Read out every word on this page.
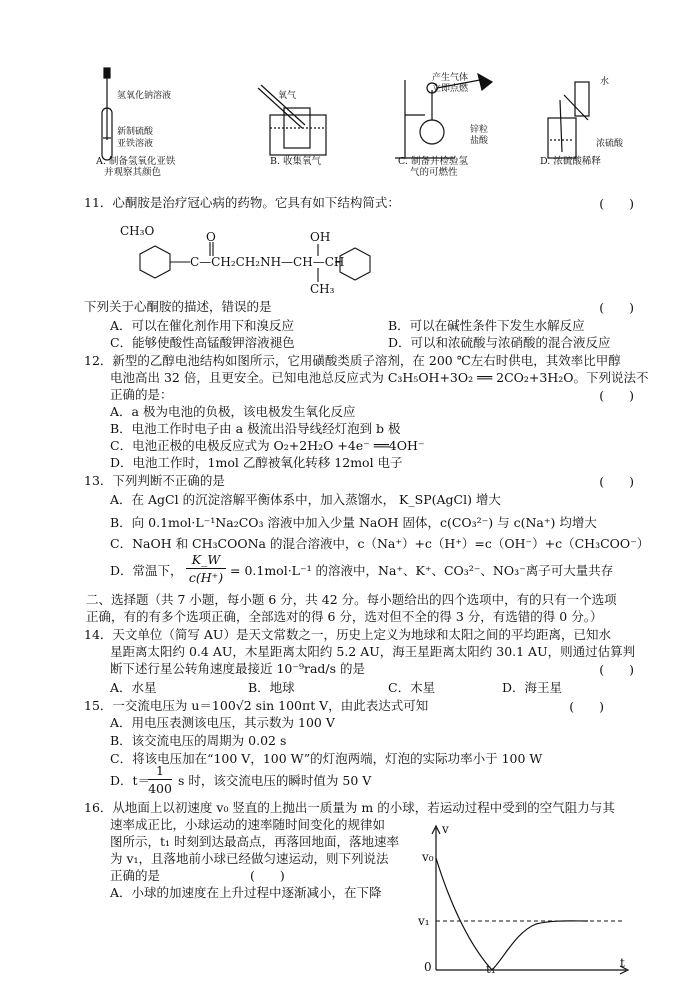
氢氧化钠溶液
新制硫酸
亚铁溶液
A. 制备氢氧化亚铁
并观察其颜色
氧气
B. 收集氧气
产生气体
立即点燃
锌粒
盐酸
C. 制备并检验氢
气的可燃性
水
浓硫酸
D. 浓硫酸稀释
11．心酮胺是治疗冠心病的药物。它具有如下结构简式：	(　　)
CH₃O	O	OH
C—CH₂CH₂NH—CH—CH
CH₃
下列关于心酮胺的描述，错误的是	(　　)
A．可以在催化剂作用下和溴反应	B．可以在碱性条件下发生水解反应
C．能够使酸性高锰酸钾溶液褪色	D．可以和浓硫酸与浓硝酸的混合液反应
12．新型的乙醇电池结构如图所示，它用磺酸类质子溶剂，在 200 ℃左右时供电，其效率比甲醇
电池高出 32 倍，且更安全。已知电池总反应式为 C₃H₅OH+3O₂ ══ 2CO₂+3H₂O。下列说法不
正确的是：	(　　)
A．a 极为电池的负极，该电极发生氧化反应
B．电池工作时电子由 a 极流出沿导线经灯泡到 b 极
C．电池正极的电极反应式为 O₂+2H₂O +4e⁻ ══4OH⁻
D．电池工作时，1mol 乙醇被氧化转移 12mol 电子
13．下列判断不正确的是	(　　)
A．在 AgCl 的沉淀溶解平衡体系中，加入蒸馏水， K_SP(AgCl) 增大
B．向 0.1mol·L⁻¹Na₂CO₃ 溶液中加入少量 NaOH 固体，c(CO₃²⁻) 与 c(Na⁺) 均增大
C．NaOH 和 CH₃COONa 的混合溶液中，c（Na⁺）+c（H⁺）=c（OH⁻）+c（CH₃COO⁻）
D．常温下，
K_W
c(H⁺) = 0.1mol·L⁻¹ 的溶液中，Na⁺、K⁺、CO₃²⁻、NO₃⁻离子可大量共存
二、选择题（共 7 小题，每小题 6 分，共 42 分。每小题给出的四个选项中，有的只有一个选项
正确，有的有多个选项正确，全部选对的得 6 分，选对但不全的得 3 分，有选错的得 0 分。）
14．天文单位（简写 AU）是天文常数之一，历史上定义为地球和太阳之间的平均距离，已知水
星距离太阳约 0.4 AU，木星距离太阳约 5.2 AU，海王星距离太阳约 30.1 AU，则通过估算判
断下述行星公转角速度最接近 10⁻⁹rad/s 的是	(　　)
A．水星	B．地球	C．木星	D．海王星
15．一交流电压为 u＝100√2 sin 100πt V，由此表达式可知	(　　)
A．用电压表测该电压，其示数为 100 V
B．该交流电压的周期为 0.02 s
C．将该电压加在“100 V，100 W”的灯泡两端，灯泡的实际功率小于 100 W
D．t＝
1
400
s 时，该交流电压的瞬时值为 50 V
16．从地面上以初速度 v₀ 竖直的上抛出一质量为 m 的小球，若运动过程中受到的空气阻力与其
速率成正比，小球运动的速率随时间变化的规律如
图所示，t₁ 时刻到达最高点，再落回地面，落地速率
为 v₁，且落地前小球已经做匀速运动，则下列说法
正确的是	(　　)
A．小球的加速度在上升过程中逐渐减小，在下降
v
t
v₀
v₁
0	t₁
